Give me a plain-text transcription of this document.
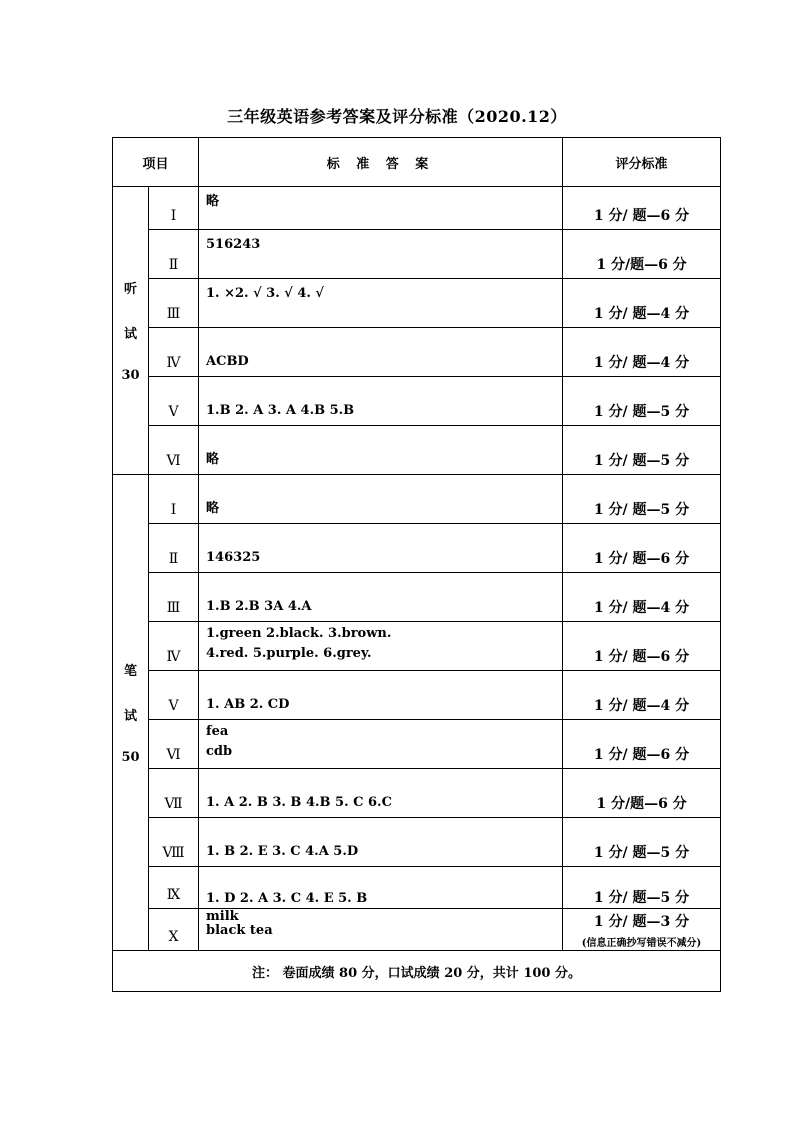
三年级英语参考答案及评分标准（2020.12）
项目		标 准 答 案	评分标准

听
试
30	Ⅰ	略	1 分/ 题—6 分

	Ⅱ	516243	1 分/题—6 分

	Ⅲ	1. ×2. √ 3. √ 4. √	1 分/ 题—4 分

	Ⅳ	ACBD	1 分/ 题—4 分

	Ⅴ	1.B 2. A 3. A 4.B 5.B	1 分/ 题—5 分

	Ⅵ	略	1 分/ 题—5 分

笔
试
50	Ⅰ	略	1 分/ 题—5 分

	Ⅱ	146325	1 分/ 题—6 分

	Ⅲ	1.B 2.B 3A 4.A	1 分/ 题—4 分

	Ⅳ	1.green 2.black. 3.brown.
4.red. 5.purple. 6.grey.	1 分/ 题—6 分

	Ⅴ	1. AB 2. CD	1 分/ 题—4 分

	Ⅵ	fea
cdb	1 分/ 题—6 分

	Ⅶ	1. A 2. B 3. B 4.B 5. C 6.C	1 分/题—6 分

	Ⅷ	1. B 2. E 3. C 4.A 5.D	1 分/ 题—5 分

	Ⅸ	1. D 2. A 3. C 4. E 5. B	1 分/ 题—5 分

	X	milk
black tea	1 分/ 题—3 分
(信息正确抄写错误不减分)

注： 卷面成绩 80 分，口试成绩 20 分，共计 100 分。			
